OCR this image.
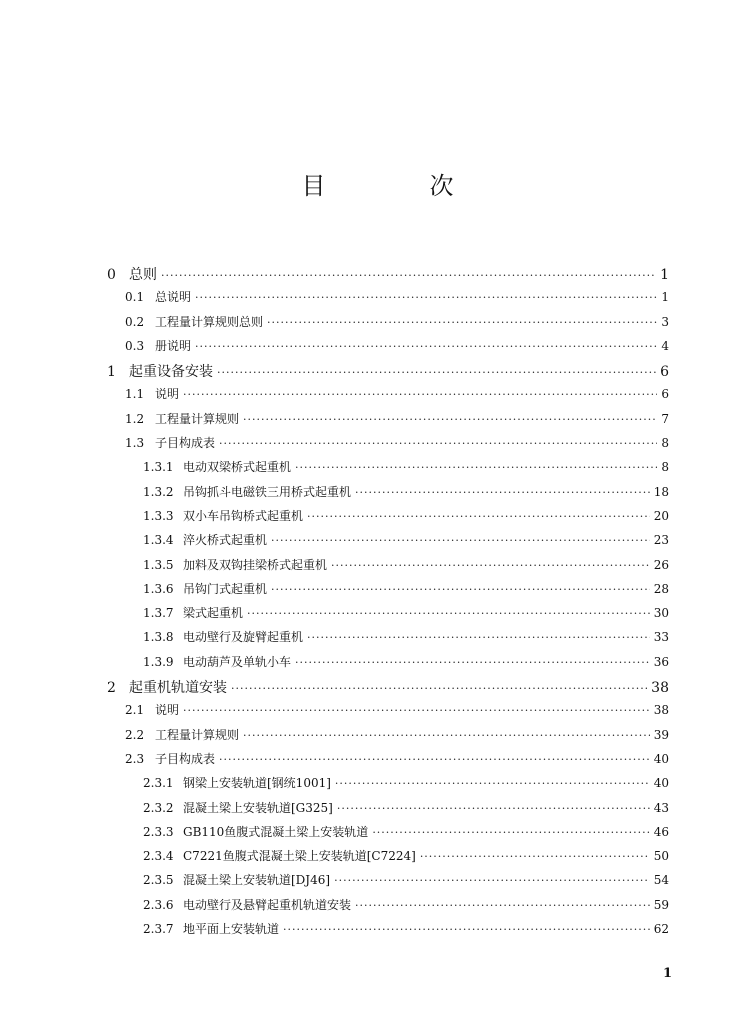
目　次
0 总则 ·····	1
0.1 总说明 ·····	1
0.2 工程量计算规则总则 ·····	3
0.3 册说明 ·····	4
1 起重设备安装 ·····	6
1.1 说明 ·····	6
1.2 工程量计算规则 ·····	7
1.3 子目构成表 ·····	8
1.3.1 电动双梁桥式起重机 ·····	8
1.3.2 吊钩抓斗电磁铁三用桥式起重机 ·····	18
1.3.3 双小车吊钩桥式起重机 ·····	20
1.3.4 淬火桥式起重机 ·····	23
1.3.5 加料及双钩挂梁桥式起重机 ·····	26
1.3.6 吊钩门式起重机 ·····	28
1.3.7 梁式起重机 ·····	30
1.3.8 电动壁行及旋臂起重机 ·····	33
1.3.9 电动葫芦及单轨小车 ·····	36
2 起重机轨道安装 ·····	38
2.1 说明 ·····	38
2.2 工程量计算规则 ·····	39
2.3 子目构成表 ·····	40
2.3.1 钢梁上安装轨道[钢统1001] ·····	40
2.3.2 混凝土梁上安装轨道[G325] ·····	43
2.3.3 GB110鱼腹式混凝土梁上安装轨道 ·····	46
2.3.4 C7221鱼腹式混凝土梁上安装轨道[C7224] ·····	50
2.3.5 混凝土梁上安装轨道[DJ46] ·····	54
2.3.6 电动壁行及悬臂起重机轨道安装 ·····	59
2.3.7 地平面上安装轨道 ·····	62
1
